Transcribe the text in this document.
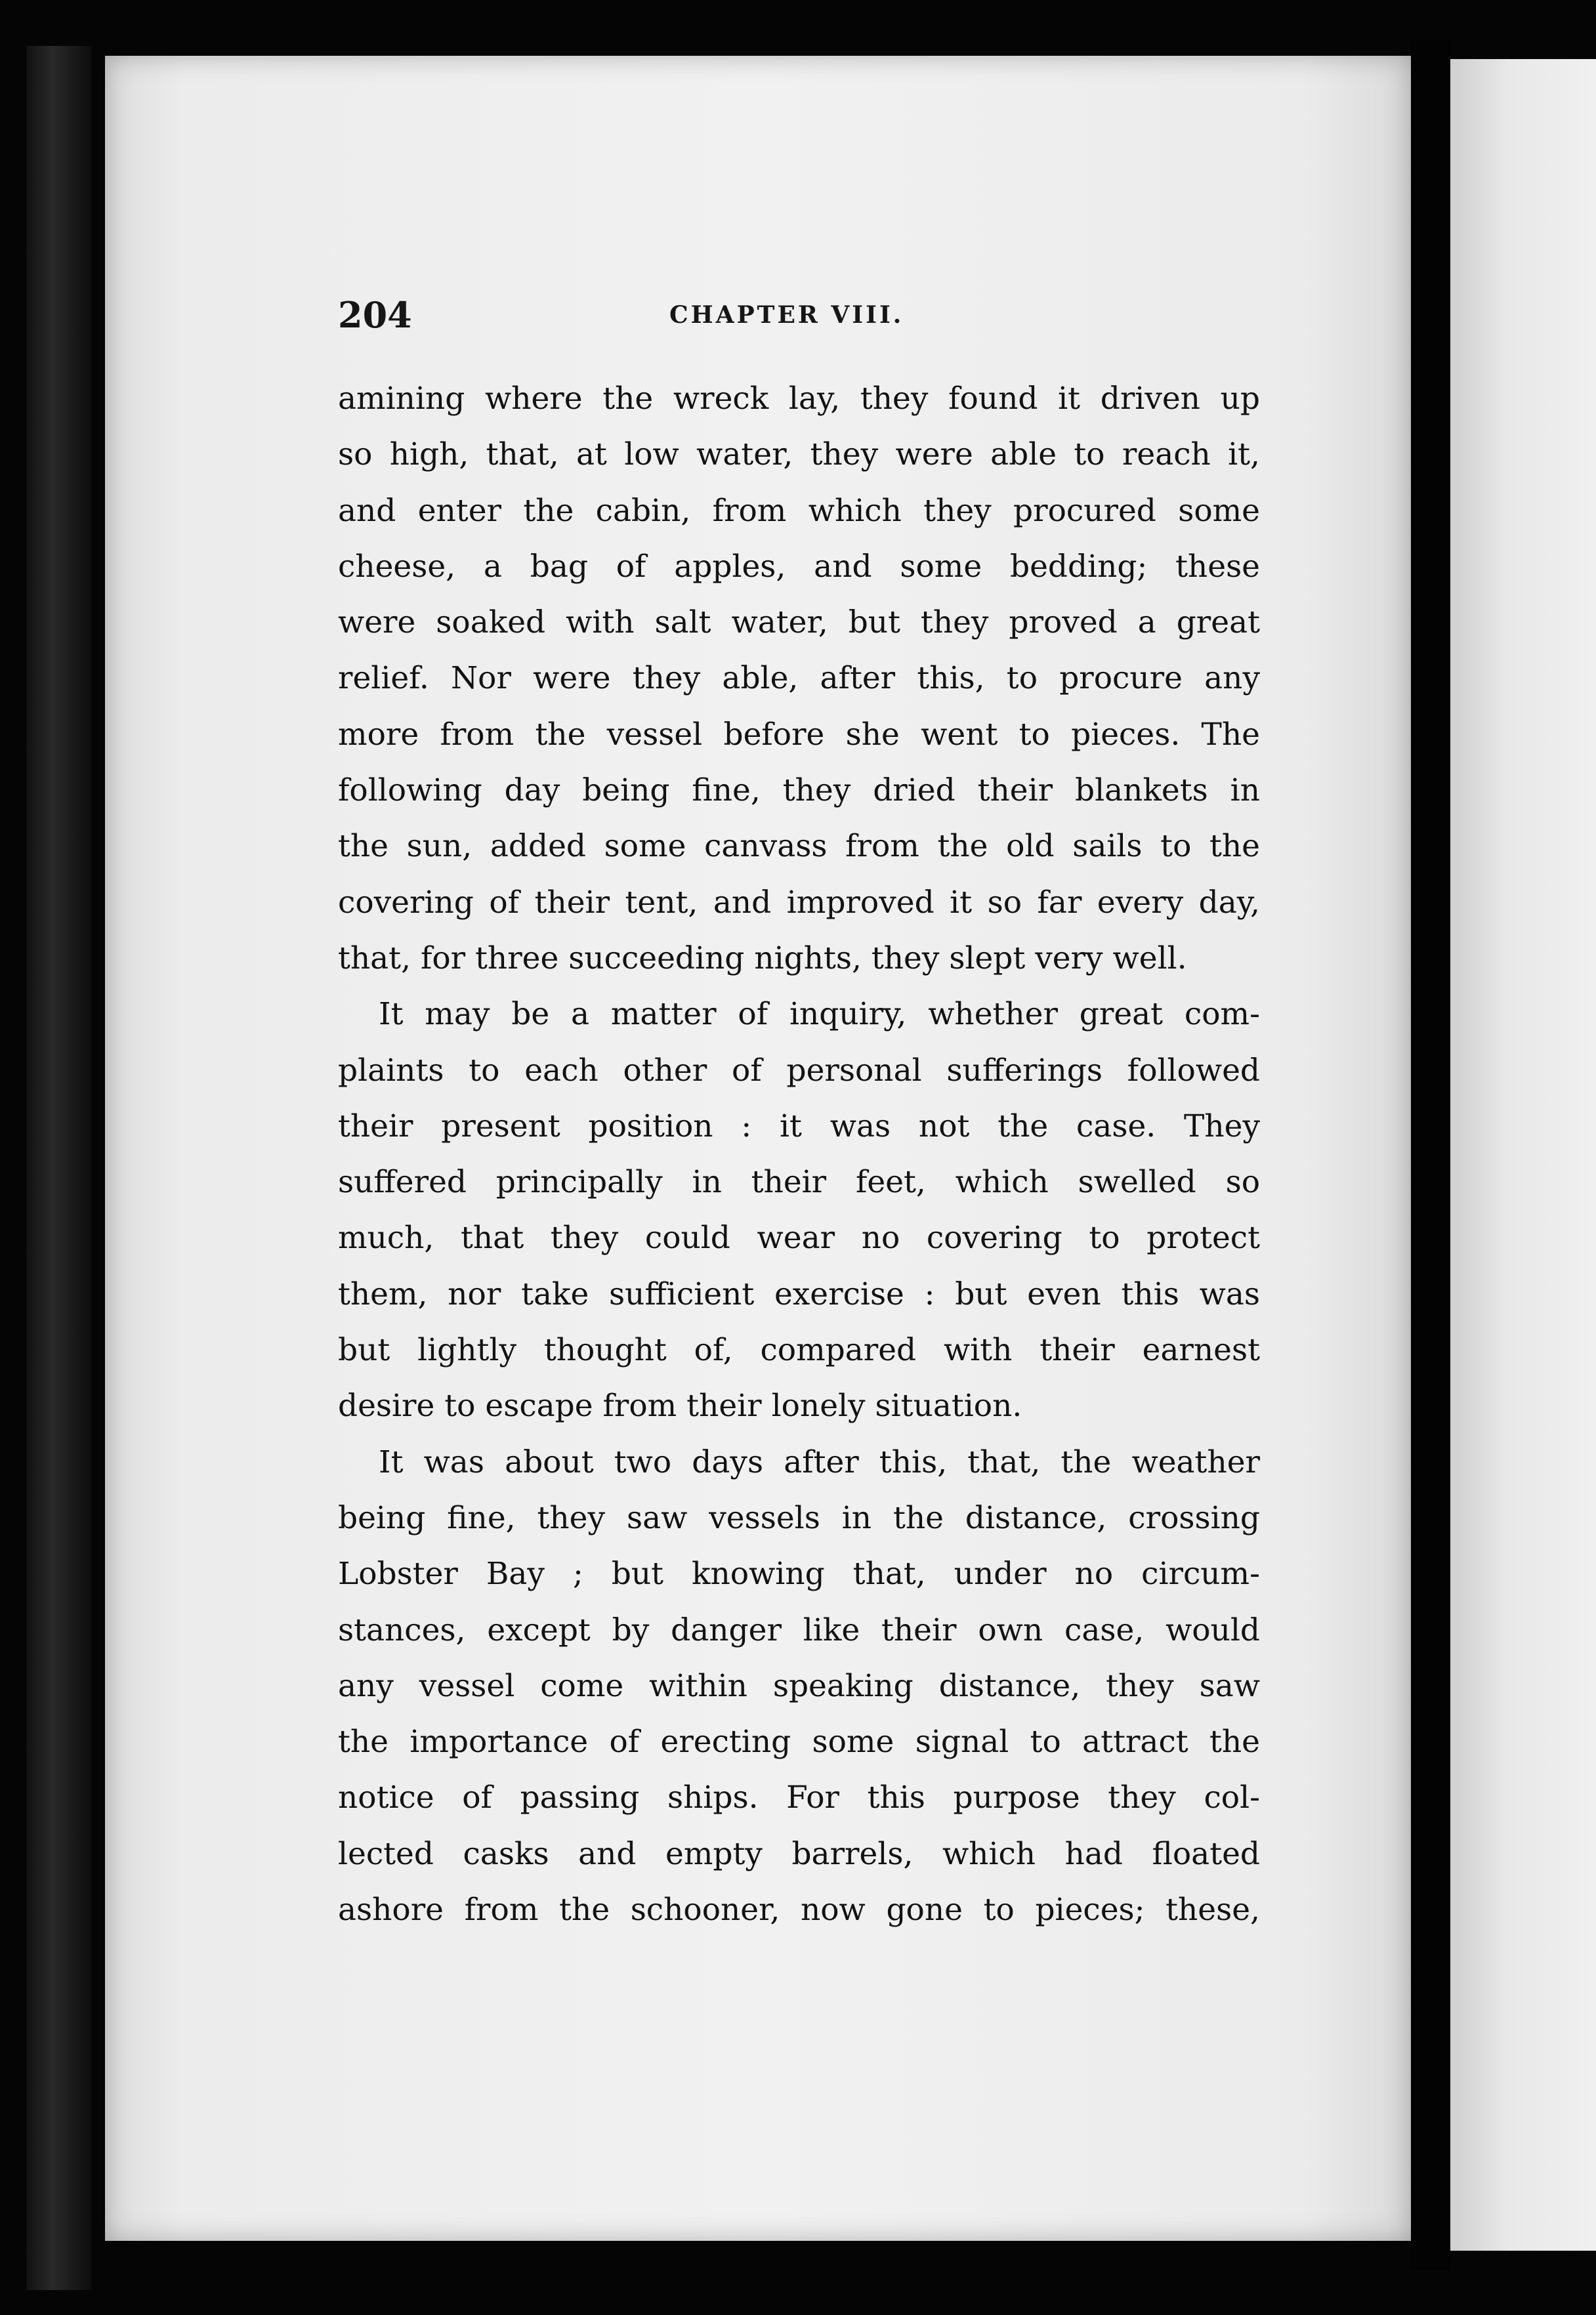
204	CHAPTER VIII.
amining where the wreck lay, they found it driven up
so high, that, at low water, they were able to reach it,
and enter the cabin, from which they procured some
cheese, a bag of apples, and some bedding; these
were soaked with salt water, but they proved a great
relief. Nor were they able, after this, to procure any
more from the vessel before she went to pieces. The
following day being fine, they dried their blankets in
the sun, added some canvass from the old sails to the
covering of their tent, and improved it so far every day,
that, for three succeeding nights, they slept very well.
It may be a matter of inquiry, whether great com-
plaints to each other of personal sufferings followed
their present position : it was not the case. They
suffered principally in their feet, which swelled so
much, that they could wear no covering to protect
them, nor take sufficient exercise : but even this was
but lightly thought of, compared with their earnest
desire to escape from their lonely situation.
It was about two days after this, that, the weather
being fine, they saw vessels in the distance, crossing
Lobster Bay ; but knowing that, under no circum-
stances, except by danger like their own case, would
any vessel come within speaking distance, they saw
the importance of erecting some signal to attract the
notice of passing ships. For this purpose they col-
lected casks and empty barrels, which had floated
ashore from the schooner, now gone to pieces; these,
